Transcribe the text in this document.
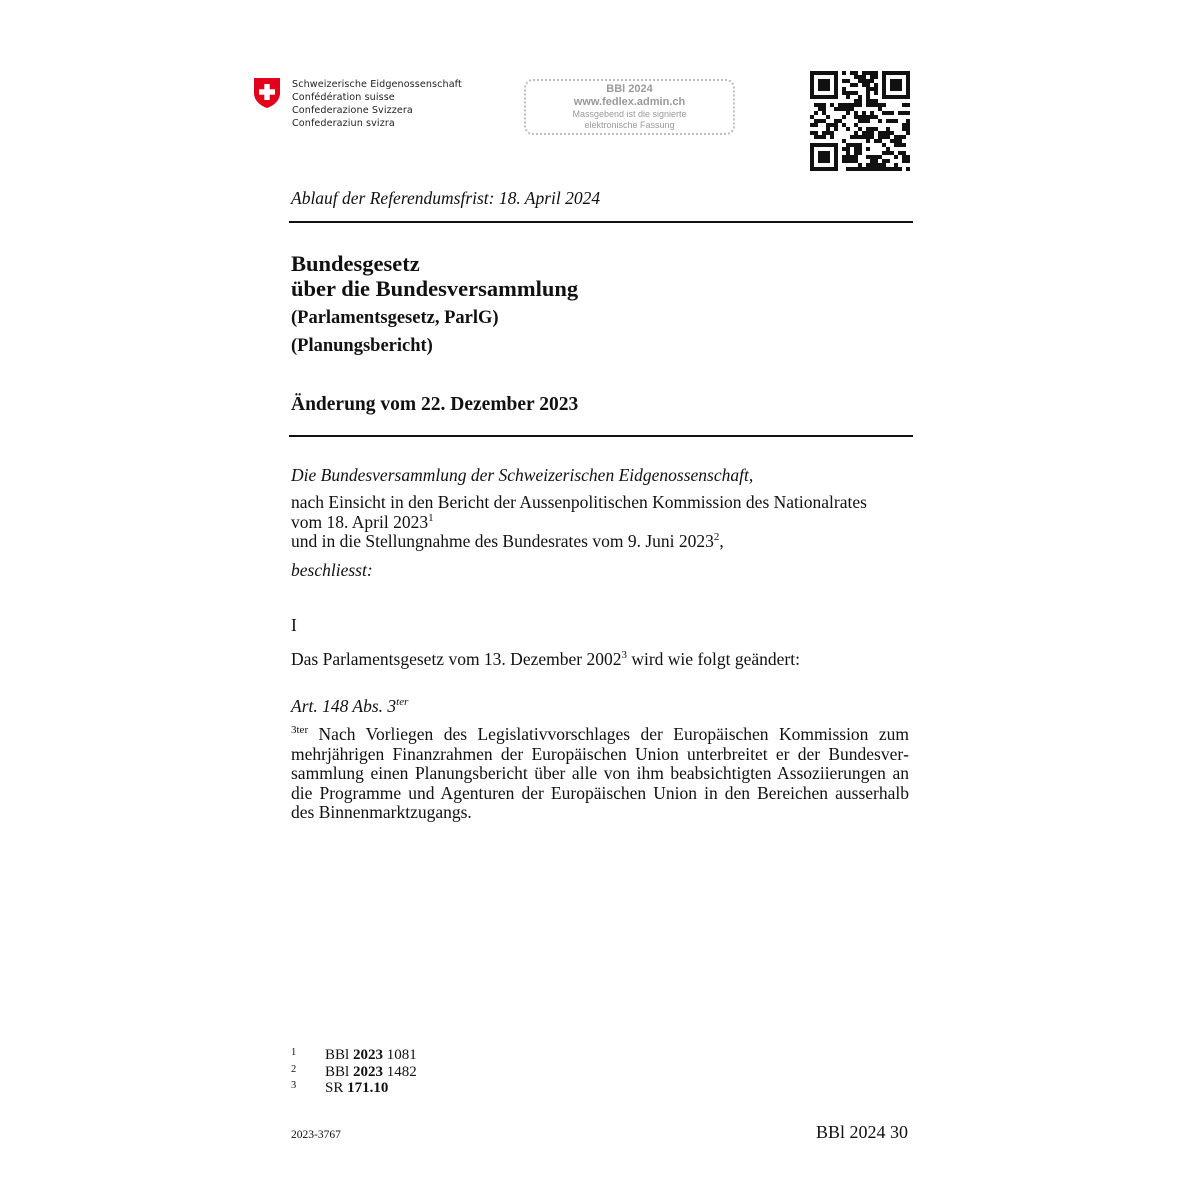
Schweizerische Eidgenossenschaft
Confédération suisse
Confederazione Svizzera
Confederaziun svizra
BBl 2024
www.fedlex.admin.ch
Massgebend ist die signierte
elektronische Fassung
Ablauf der Referendumsfrist: 18. April 2024
Bundesgesetz
über die Bundesversammlung
(Parlamentsgesetz, ParlG)
(Planungsbericht)
Änderung vom 22. Dezember 2023
Die Bundesversammlung der Schweizerischen Eidgenossenschaft,
nach Einsicht in den Bericht der Aussenpolitischen Kommission des Nationalrates
vom 18. April 2023$^1$
und in die Stellungnahme des Bundesrates vom 9. Juni 2023$^2$,
beschliesst:
I
Das Parlamentsgesetz vom 13. Dezember 2002$^3$ wird wie folgt geändert:
Art. 148 Abs. $3^{ter}$
$^{3ter}$ Nach Vorliegen des Legislativvorschlages der Europäischen Kommission zum mehrjährigen Finanzrahmen der Europäischen Union unterbreitet er der Bundesversammlung einen Planungsbericht über alle von ihm beabsichtigten Assoziierungen an die Programme und Agenturen der Europäischen Union in den Bereichen ausserhalb des Binnenmarktzugangs.
1	BBl 2023 1081
2	BBl 2023 1482
3	SR 171.10
2023-3767	BBl 2024 30
